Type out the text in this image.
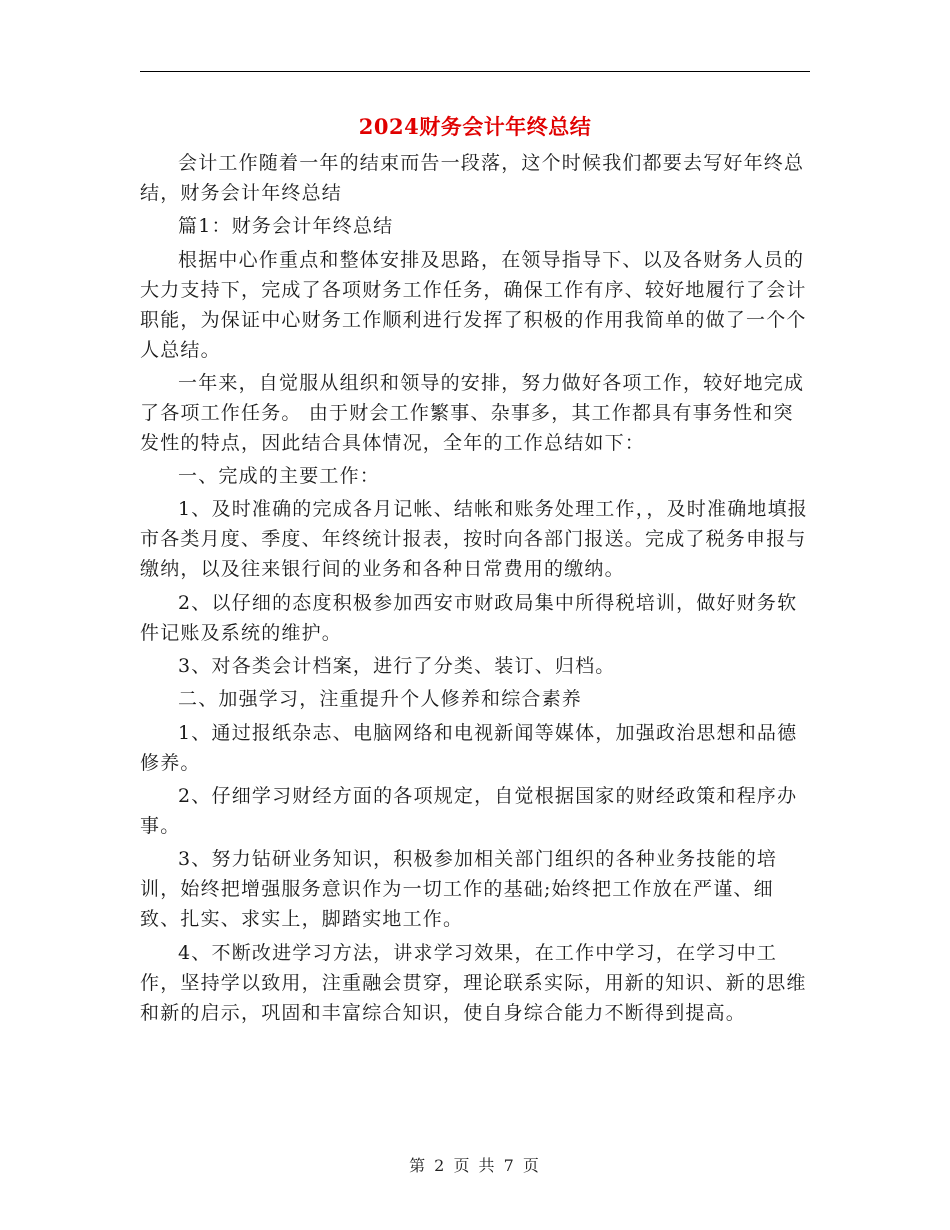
2024财务会计年终总结

会计工作随着一年的结束而告一段落，这个时候我们都要去写好年终总结，财务会计年终总结

篇1：财务会计年终总结

根据中心作重点和整体安排及思路，在领导指导下、以及各财务人员的大力支持下，完成了各项财务工作任务，确保工作有序、较好地履行了会计职能，为保证中心财务工作顺利进行发挥了积极的作用我简单的做了一个个人总结。

一年来，自觉服从组织和领导的安排，努力做好各项工作，较好地完成了各项工作任务。 由于财会工作繁事、杂事多，其工作都具有事务性和突发性的特点，因此结合具体情况，全年的工作总结如下：

一、完成的主要工作：

1、及时准确的完成各月记帐、结帐和账务处理工作，，及时准确地填报市各类月度、季度、年终统计报表，按时向各部门报送。完成了税务申报与缴纳，以及往来银行间的业务和各种日常费用的缴纳。

2、以仔细的态度积极参加西安市财政局集中所得税培训，做好财务软件记账及系统的维护。

3、对各类会计档案，进行了分类、装订、归档。

二、加强学习，注重提升个人修养和综合素养

1、通过报纸杂志、电脑网络和电视新闻等媒体，加强政治思想和品德修养。

2、仔细学习财经方面的各项规定，自觉根据国家的财经政策和程序办事。

3、努力钻研业务知识，积极参加相关部门组织的各种业务技能的培训，始终把增强服务意识作为一切工作的基础;始终把工作放在严谨、细致、扎实、求实上，脚踏实地工作。

4、不断改进学习方法，讲求学习效果，在工作中学习，在学习中工作，坚持学以致用，注重融会贯穿，理论联系实际，用新的知识、新的思维和新的启示，巩固和丰富综合知识，使自身综合能力不断得到提高。

第 2 页 共 7 页
